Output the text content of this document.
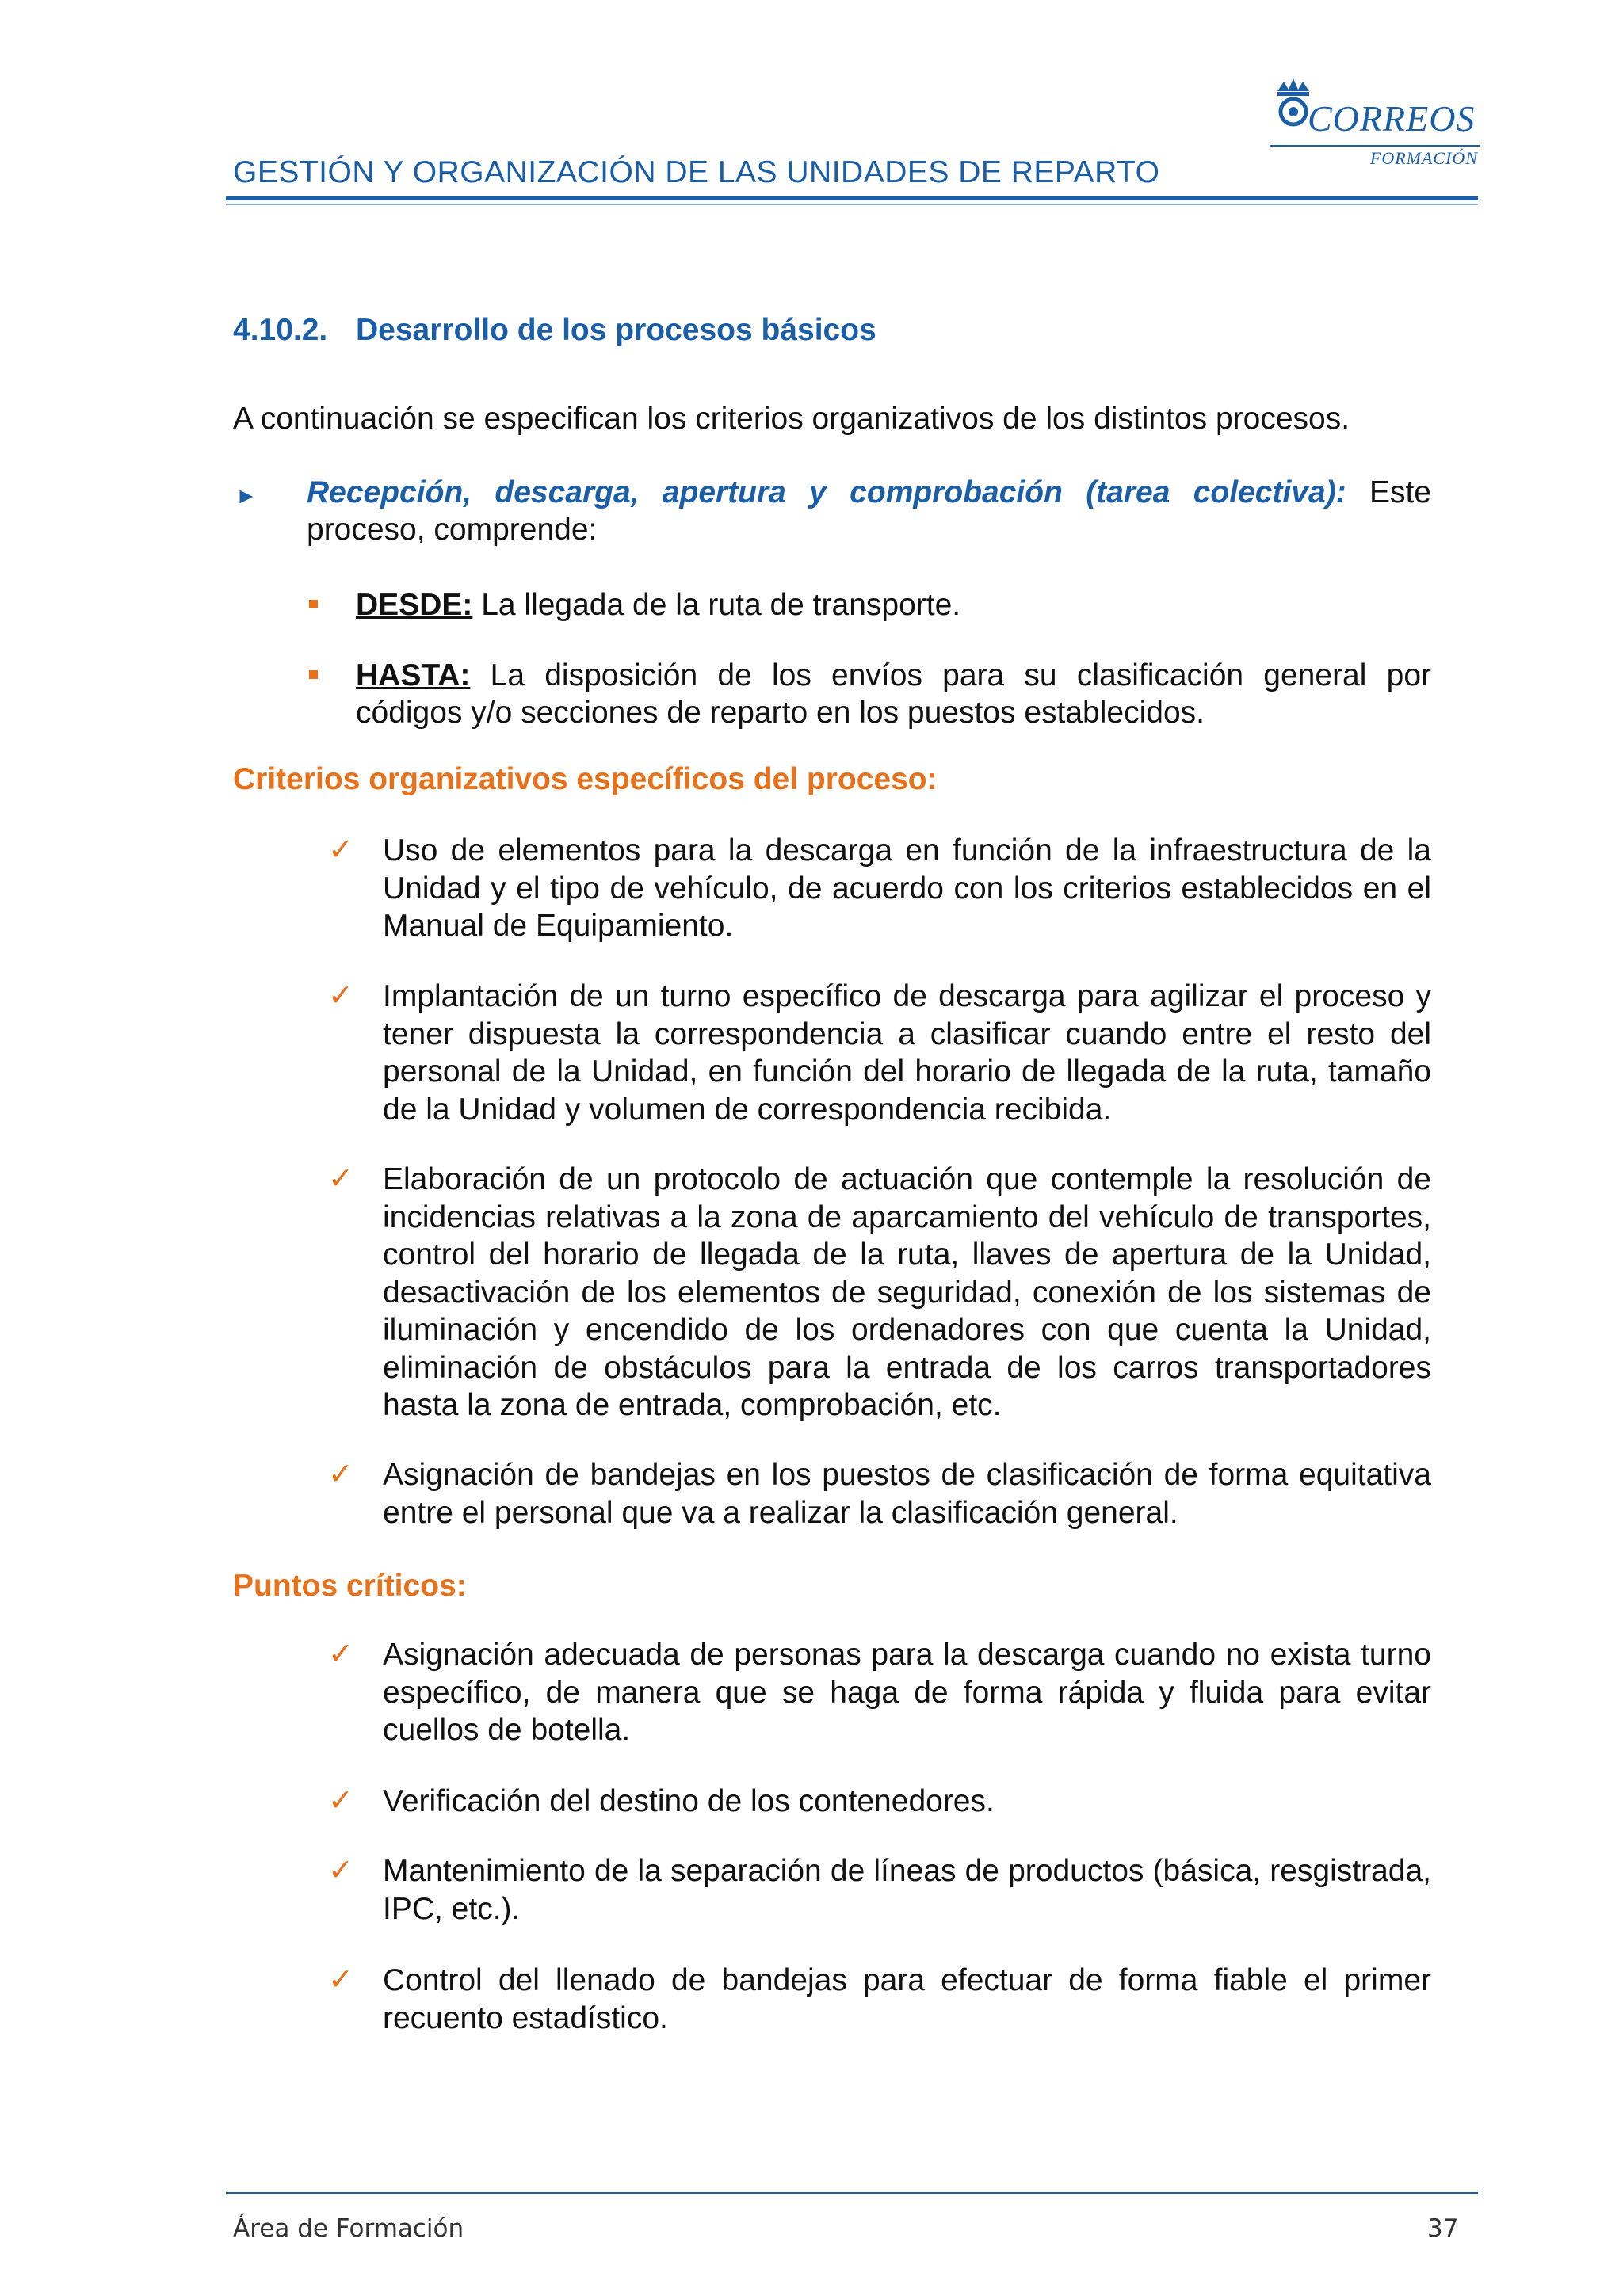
GESTIÓN Y ORGANIZACIÓN DE LAS UNIDADES DE REPARTO
CORREOS
FORMACIÓN
4.10.2. Desarrollo de los procesos básicos
A continuación se especifican los criterios organizativos de los distintos procesos.
► Recepción, descarga, apertura y comprobación (tarea colectiva): Este proceso, comprende:
DESDE: La llegada de la ruta de transporte.
HASTA: La disposición de los envíos para su clasificación general por códigos y/o secciones de reparto en los puestos establecidos.
Criterios organizativos específicos del proceso:
✓ Uso de elementos para la descarga en función de la infraestructura de la Unidad y el tipo de vehículo, de acuerdo con los criterios establecidos en el Manual de Equipamiento.
✓ Implantación de un turno específico de descarga para agilizar el proceso y tener dispuesta la correspondencia a clasificar cuando entre el resto del personal de la Unidad, en función del horario de llegada de la ruta, tamaño de la Unidad y volumen de correspondencia recibida.
✓ Elaboración de un protocolo de actuación que contemple la resolución de incidencias relativas a la zona de aparcamiento del vehículo de transportes, control del horario de llegada de la ruta, llaves de apertura de la Unidad, desactivación de los elementos de seguridad, conexión de los sistemas de iluminación y encendido de los ordenadores con que cuenta la Unidad, eliminación de obstáculos para la entrada de los carros transportadores hasta la zona de entrada, comprobación, etc.
✓ Asignación de bandejas en los puestos de clasificación de forma equitativa entre el personal que va a realizar la clasificación general.
Puntos críticos:
✓ Asignación adecuada de personas para la descarga cuando no exista turno específico, de manera que se haga de forma rápida y fluida para evitar cuellos de botella.
✓ Verificación del destino de los contenedores.
✓ Mantenimiento de la separación de líneas de productos (básica, resgistrada, IPC, etc.).
✓ Control del llenado de bandejas para efectuar de forma fiable el primer recuento estadístico.
Área de Formación	37
